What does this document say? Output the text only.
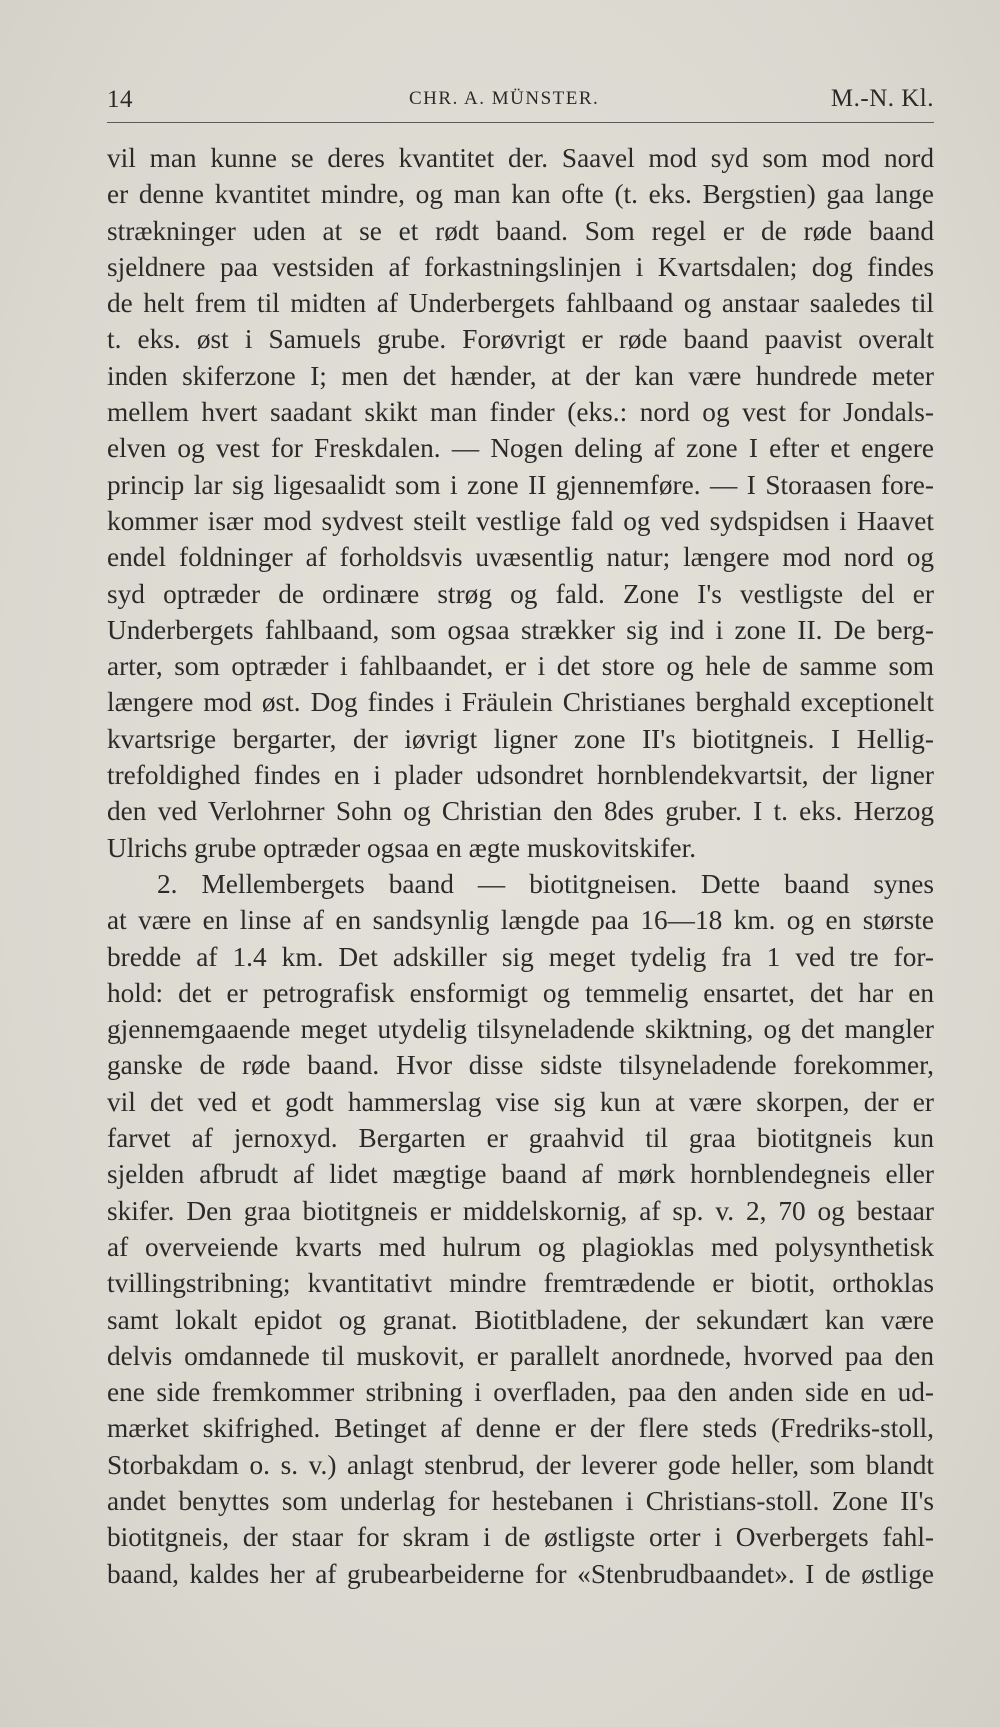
14	CHR. A. MÜNSTER.	M.-N. Kl.
vil man kunne se deres kvantitet der. Saavel mod syd som mod nord
er denne kvantitet mindre, og man kan ofte (t. eks. Bergstien) gaa lange
strækninger uden at se et rødt baand. Som regel er de røde baand
sjeldnere paa vestsiden af forkastningslinjen i Kvartsdalen; dog findes
de helt frem til midten af Underbergets fahlbaand og anstaar saaledes til
t. eks. øst i Samuels grube. Forøvrigt er røde baand paavist overalt
inden skiferzone I; men det hænder, at der kan være hundrede meter
mellem hvert saadant skikt man finder (eks.: nord og vest for Jondals-
elven og vest for Freskdalen. — Nogen deling af zone I efter et engere
princip lar sig ligesaalidt som i zone II gjennemføre. — I Storaasen fore-
kommer især mod sydvest steilt vestlige fald og ved sydspidsen i Haavet
endel foldninger af forholdsvis uvæsentlig natur; længere mod nord og
syd optræder de ordinære strøg og fald. Zone I's vestligste del er
Underbergets fahlbaand, som ogsaa strækker sig ind i zone II. De berg-
arter, som optræder i fahlbaandet, er i det store og hele de samme som
længere mod øst. Dog findes i Fräulein Christianes berghald exceptionelt
kvartsrige bergarter, der iøvrigt ligner zone II's biotitgneis. I Hellig-
trefoldighed findes en i plader udsondret hornblendekvartsit, der ligner
den ved Verlohrner Sohn og Christian den 8des gruber. I t. eks. Herzog
Ulrichs grube optræder ogsaa en ægte muskovitskifer.
2. Mellembergets baand — biotitgneisen. Dette baand synes
at være en linse af en sandsynlig længde paa 16—18 km. og en største
bredde af 1.4 km. Det adskiller sig meget tydelig fra 1 ved tre for-
hold: det er petrografisk ensformigt og temmelig ensartet, det har en
gjennemgaaende meget utydelig tilsyneladende skiktning, og det mangler
ganske de røde baand. Hvor disse sidste tilsyneladende forekommer,
vil det ved et godt hammerslag vise sig kun at være skorpen, der er
farvet af jernoxyd. Bergarten er graahvid til graa biotitgneis kun
sjelden afbrudt af lidet mægtige baand af mørk hornblendegneis eller
skifer. Den graa biotitgneis er middelskornig, af sp. v. 2, 70 og bestaar
af overveiende kvarts med hulrum og plagioklas med polysynthetisk
tvillingstribning; kvantitativt mindre fremtrædende er biotit, orthoklas
samt lokalt epidot og granat. Biotitbladene, der sekundært kan være
delvis omdannede til muskovit, er parallelt anordnede, hvorved paa den
ene side fremkommer stribning i overfladen, paa den anden side en ud-
mærket skifrighed. Betinget af denne er der flere steds (Fredriks-stoll,
Storbakdam o. s. v.) anlagt stenbrud, der leverer gode heller, som blandt
andet benyttes som underlag for hestebanen i Christians-stoll. Zone II's
biotitgneis, der staar for skram i de østligste orter i Overbergets fahl-
baand, kaldes her af grubearbeiderne for «Stenbrudbaandet». I de østlige
